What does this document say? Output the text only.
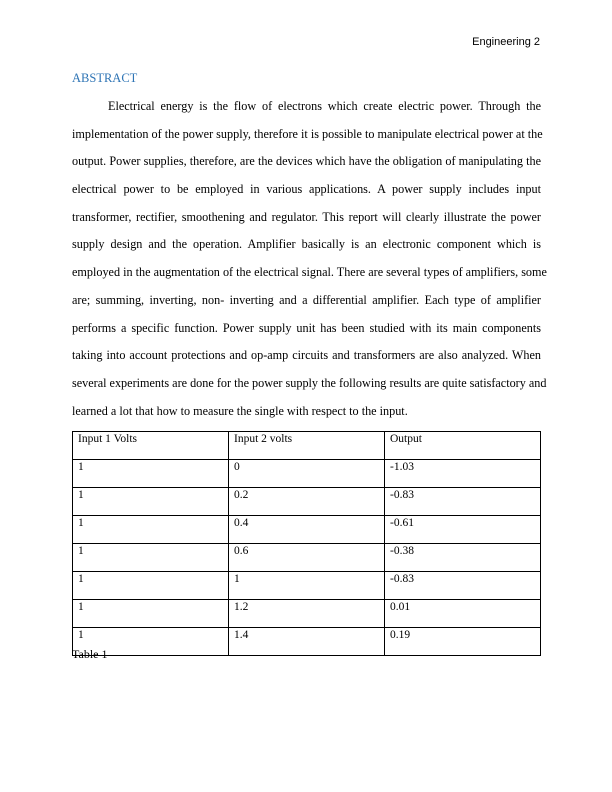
Engineering 2
ABSTRACT
Electrical energy is the flow of electrons which create electric power. Through the
implementation of the power supply, therefore it is possible to manipulate electrical power at the
output. Power supplies, therefore, are the devices which have the obligation of manipulating the
electrical power to be employed in various applications. A power supply includes input
transformer, rectifier, smoothening and regulator. This report will clearly illustrate the power
supply design and the operation. Amplifier basically is an electronic component which is
employed in the augmentation of the electrical signal. There are several types of amplifiers, some
are; summing, inverting, non- inverting and a differential amplifier. Each type of amplifier
performs a specific function. Power supply unit has been studied with its main components
taking into account protections and op-amp circuits and transformers are also analyzed. When
several experiments are done for the power supply the following results are quite satisfactory and
learned a lot that how to measure the single with respect to the input.
Input 1 Volts	Input 2 volts	Output
1	0	-1.03
1	0.2	-0.83
1	0.4	-0.61
1	0.6	-0.38
1	1	-0.83
1	1.2	0.01
1	1.4	0.19
Table 1
